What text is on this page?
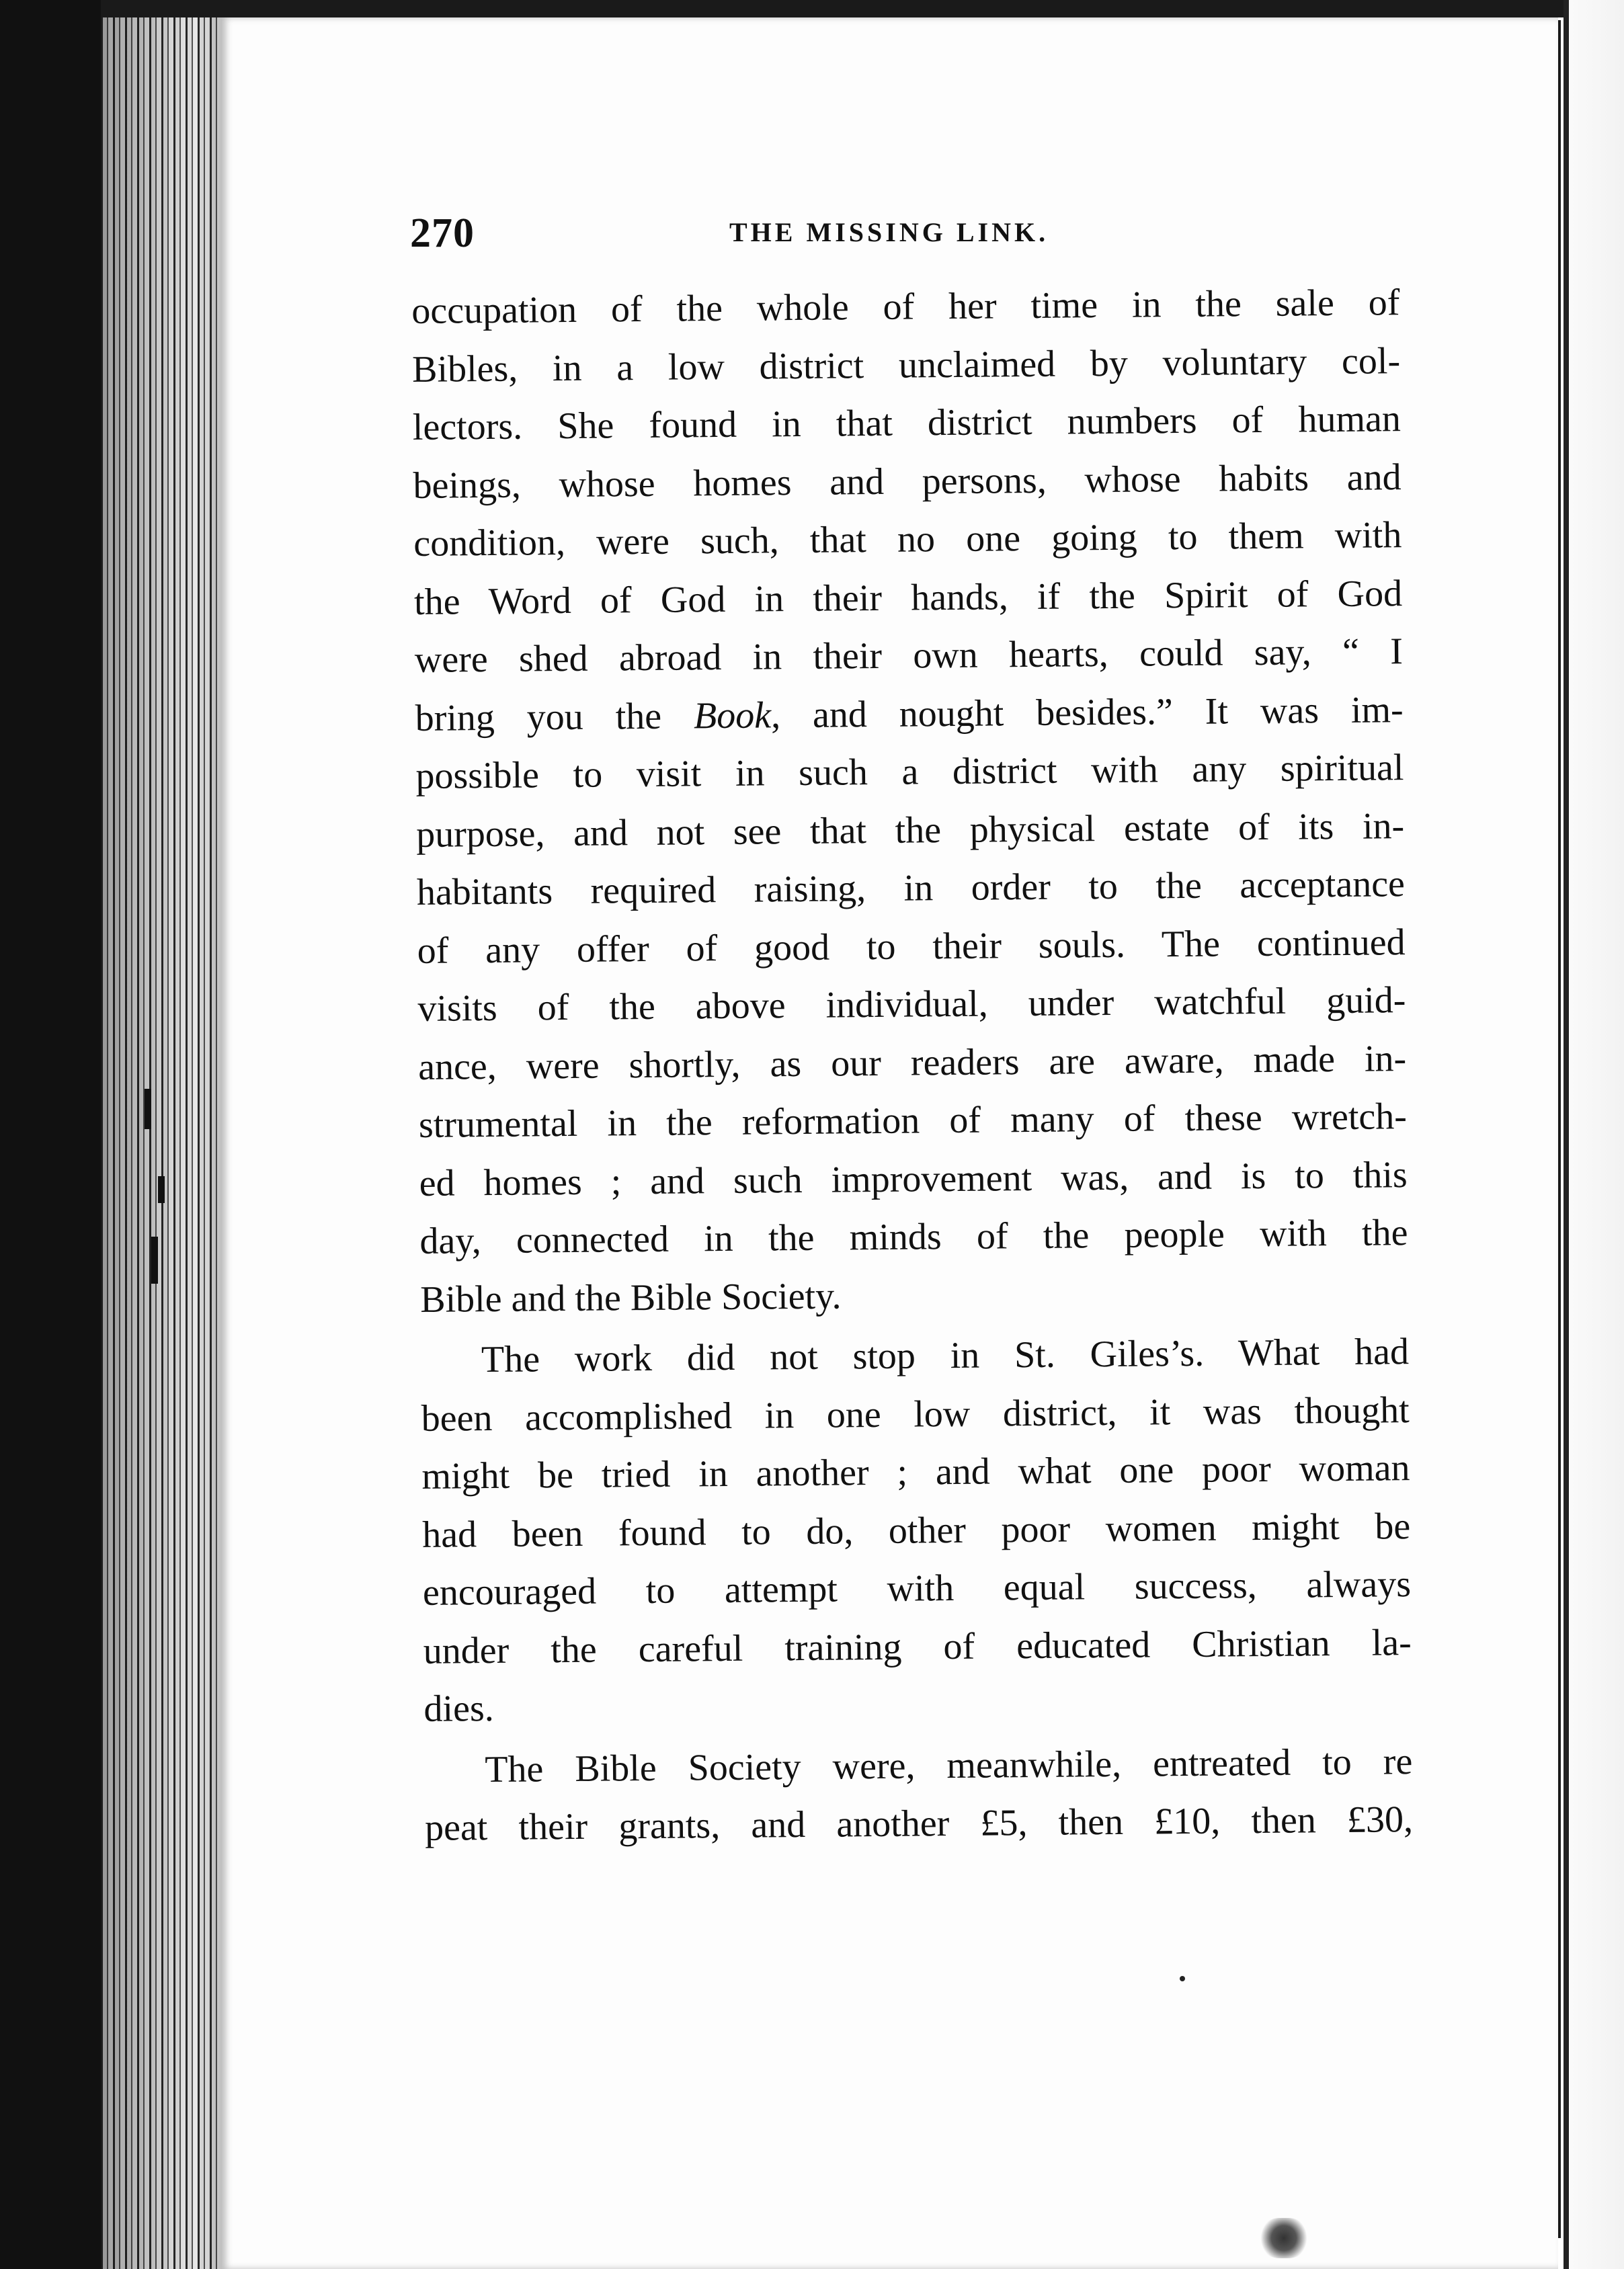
270	THE MISSING LINK.
occupation of the whole of her time in the sale of
Bibles, in a low district unclaimed by voluntary col-
lectors. She found in that district numbers of human
beings, whose homes and persons, whose habits and
condition, were such, that no one going to them with
the Word of God in their hands, if the Spirit of God
were shed abroad in their own hearts, could say, “ I
bring you the Book, and nought besides.” It was im-
possible to visit in such a district with any spiritual
purpose, and not see that the physical estate of its in-
habitants required raising, in order to the acceptance
of any offer of good to their souls. The continued
visits of the above individual, under watchful guid-
ance, were shortly, as our readers are aware, made in-
strumental in the reformation of many of these wretch-
ed homes ; and such improvement was, and is to this
day, connected in the minds of the people with the
Bible and the Bible Society.
The work did not stop in St. Giles’s. What had
been accomplished in one low district, it was thought
might be tried in another ; and what one poor woman
had been found to do, other poor women might be
encouraged to attempt with equal success, always
under the careful training of educated Christian la-
dies.
The Bible Society were, meanwhile, entreated to re
peat their grants, and another £5, then £10, then £30,
